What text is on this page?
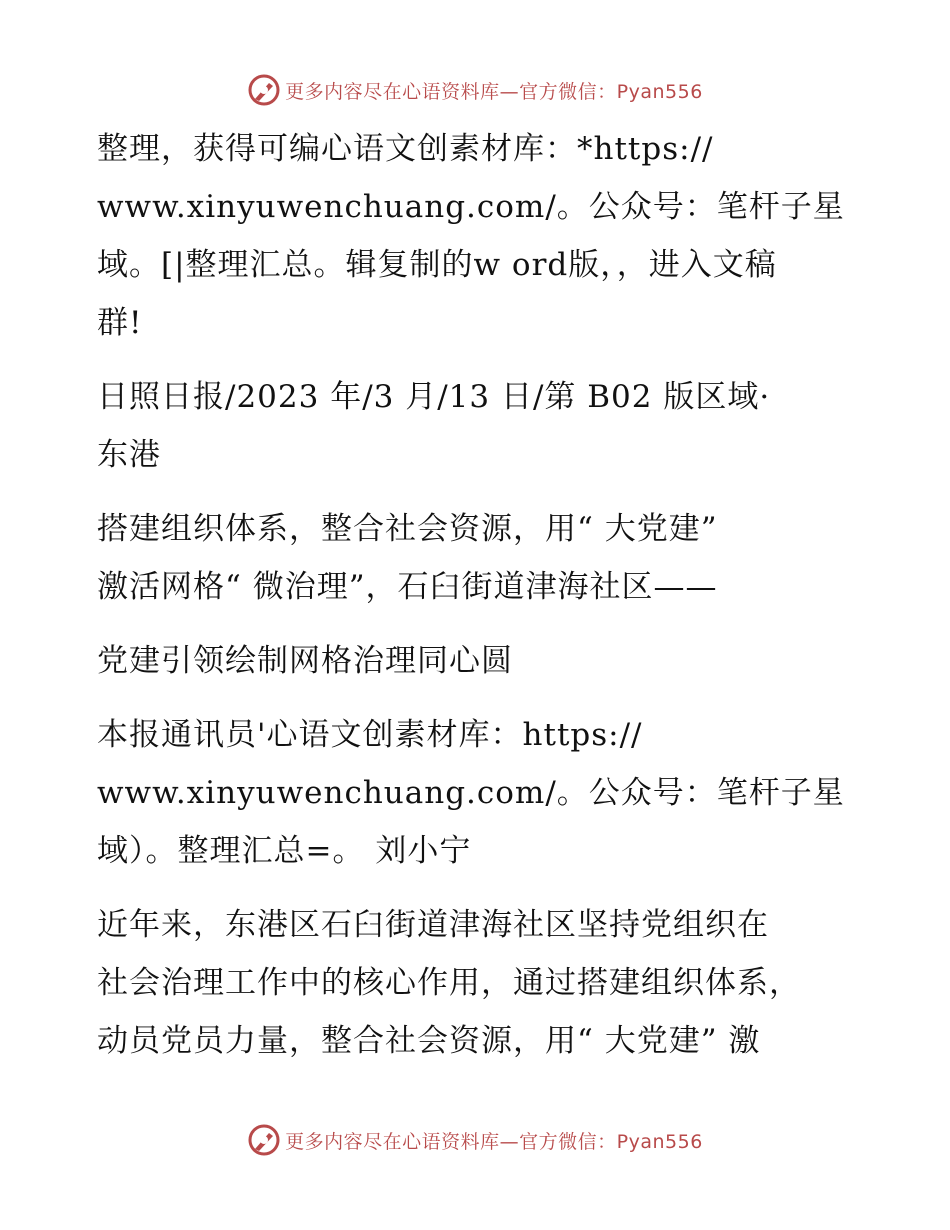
更多内容尽在心语资料库—官方微信：Pyan556

整理，获得可编心语文创素材库：*https://
www.xinyuwenchuang.com/。公众号：笔杆子星
域。[|整理汇总。辑复制的w ord版，，进入文稿
群!

日照日报/2023 年/3 月/13 日/第 B02 版区域·
东港

搭建组织体系，整合社会资源，用“ 大党建”
激活网格“ 微治理”，石臼街道津海社区——

党建引领绘制网格治理同心圆

本报通讯员'心语文创素材库：https://
www.xinyuwenchuang.com/。公众号：笔杆子星
域）。整理汇总=。 刘小宁

近年来，东港区石臼街道津海社区坚持党组织在
社会治理工作中的核心作用，通过搭建组织体系，
动员党员力量，整合社会资源，用“ 大党建” 激

更多内容尽在心语资料库—官方微信：Pyan556
